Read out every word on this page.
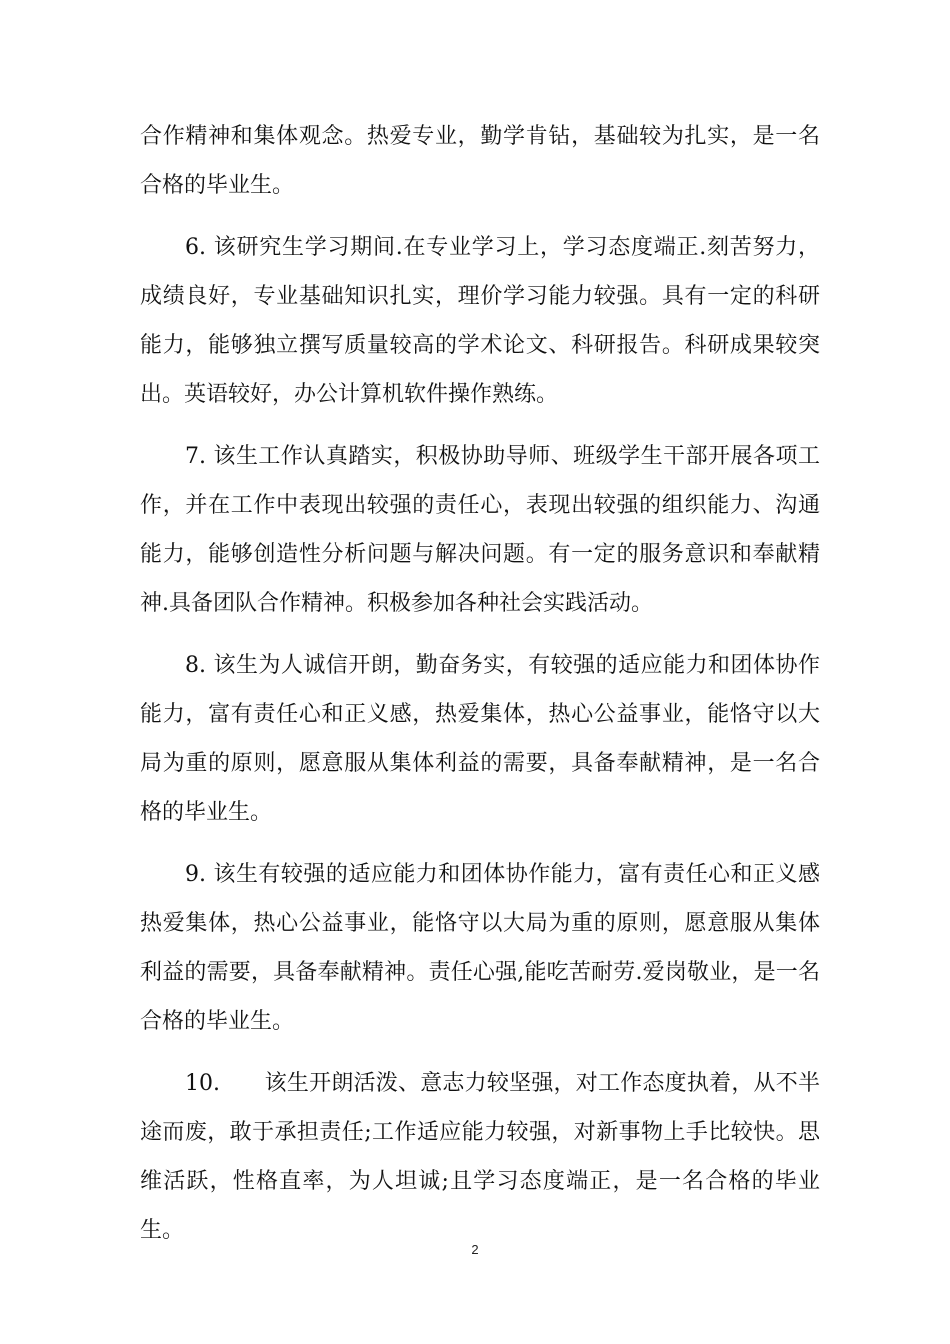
合作精神和集体观念。热爱专业，勤学肯钻，基础较为扎实，是一名合格的毕业生。

6. 该研究生学习期间.在专业学习上，学习态度端正.刻苦努力，成绩良好，专业基础知识扎实，理价学习能力较强。具有一定的科研能力，能够独立撰写质量较高的学术论文、科研报告。科研成果较突出。英语较好，办公计算机软件操作熟练。

7. 该生工作认真踏实，积极协助导师、班级学生干部开展各项工作，并在工作中表现出较强的责任心，表现出较强的组织能力、沟通能力，能够创造性分析问题与解决问题。有一定的服务意识和奉献精神.具备团队合作精神。积极参加各种社会实践活动。

8. 该生为人诚信开朗，勤奋务实，有较强的适应能力和团体协作能力，富有责任心和正义感，热爱集体，热心公益事业，能恪守以大局为重的原则，愿意服从集体利益的需要，具备奉献精神，是一名合格的毕业生。

9. 该生有较强的适应能力和团体协作能力，富有责任心和正义感热爱集体，热心公益事业，能恪守以大局为重的原则，愿意服从集体利益的需要，具备奉献精神。责任心强,能吃苦耐劳.爱岗敬业，是一名合格的毕业生。

10.　　该生开朗活泼、意志力较坚强，对工作态度执着，从不半途而废，敢于承担责任;工作适应能力较强，对新事物上手比较快。思维活跃，性格直率，为人坦诚;且学习态度端正，是一名合格的毕业生。

2
